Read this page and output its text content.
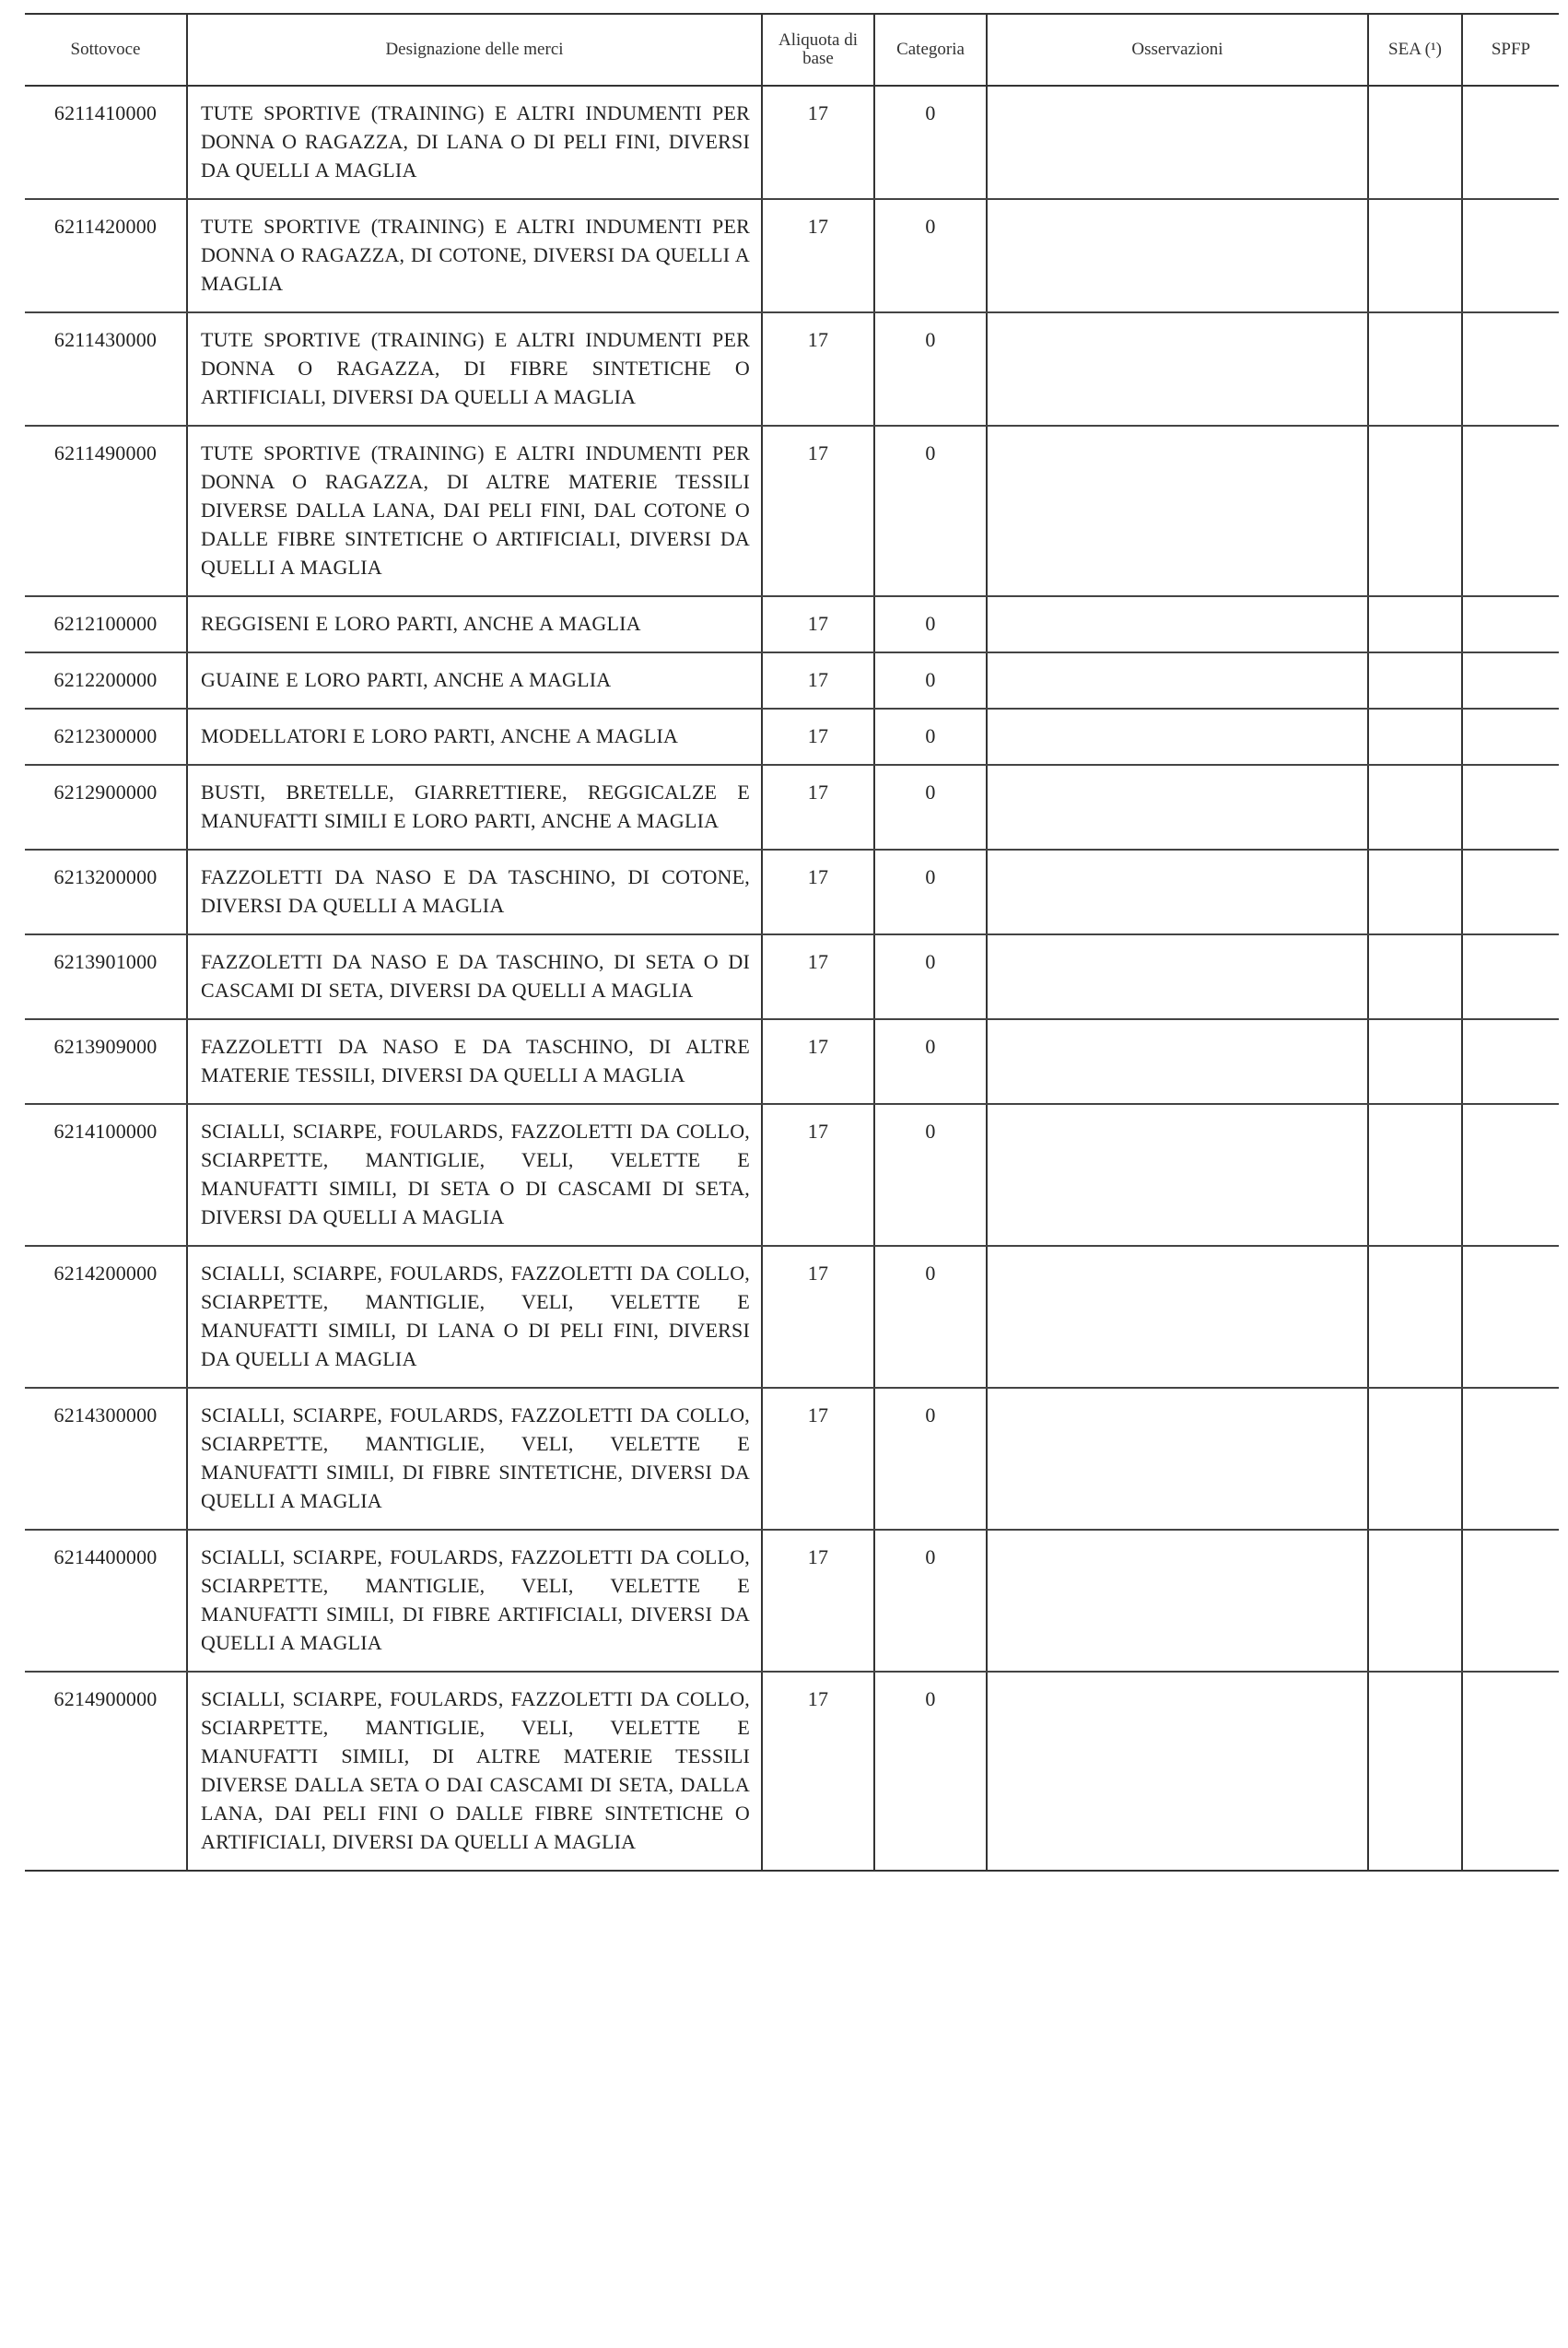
Sottovoce	Designazione delle merci	Aliquota di base	Categoria	Osservazioni	SEA (¹)	SPFP
6211410000	TUTE SPORTIVE (TRAINING) E ALTRI INDUMENTI PER DONNA O RAGAZZA, DI LANA O DI PELI FINI, DIVERSI DA QUELLI A MAGLIA	17	0			
6211420000	TUTE SPORTIVE (TRAINING) E ALTRI INDUMENTI PER DONNA O RAGAZZA, DI COTONE, DIVERSI DA QUELLI A MAGLIA	17	0			
6211430000	TUTE SPORTIVE (TRAINING) E ALTRI INDUMENTI PER DONNA O RAGAZZA, DI FIBRE SINTETICHE O ARTIFICIALI, DIVERSI DA QUELLI A MAGLIA	17	0			
6211490000	TUTE SPORTIVE (TRAINING) E ALTRI INDUMENTI PER DONNA O RAGAZZA, DI ALTRE MATERIE TESSILI DIVERSE DALLA LANA, DAI PELI FINI, DAL COTONE O DALLE FIBRE SINTETICHE O ARTIFICIALI, DIVERSI DA QUELLI A MAGLIA	17	0			
6212100000	REGGISENI E LORO PARTI, ANCHE A MAGLIA	17	0			
6212200000	GUAINE E LORO PARTI, ANCHE A MAGLIA	17	0			
6212300000	MODELLATORI E LORO PARTI, ANCHE A MAGLIA	17	0			
6212900000	BUSTI, BRETELLE, GIARRETTIERE, REGGICALZE E MANUFATTI SIMILI E LORO PARTI, ANCHE A MAGLIA	17	0			
6213200000	FAZZOLETTI DA NASO E DA TASCHINO, DI COTONE, DIVERSI DA QUELLI A MAGLIA	17	0			
6213901000	FAZZOLETTI DA NASO E DA TASCHINO, DI SETA O DI CASCAMI DI SETA, DIVERSI DA QUELLI A MAGLIA	17	0			
6213909000	FAZZOLETTI DA NASO E DA TASCHINO, DI ALTRE MATERIE TESSILI, DIVERSI DA QUELLI A MAGLIA	17	0			
6214100000	SCIALLI, SCIARPE, FOULARDS, FAZZOLETTI DA COLLO, SCIARPETTE, MANTIGLIE, VELI, VELETTE E MANUFATTI SIMILI, DI SETA O DI CASCAMI DI SETA, DIVERSI DA QUELLI A MAGLIA	17	0			
6214200000	SCIALLI, SCIARPE, FOULARDS, FAZZOLETTI DA COLLO, SCIARPETTE, MANTIGLIE, VELI, VELETTE E MANUFATTI SIMILI, DI LANA O DI PELI FINI, DIVERSI DA QUELLI A MAGLIA	17	0			
6214300000	SCIALLI, SCIARPE, FOULARDS, FAZZOLETTI DA COLLO, SCIARPETTE, MANTIGLIE, VELI, VELETTE E MANUFATTI SIMILI, DI FIBRE SINTETICHE, DIVERSI DA QUELLI A MAGLIA	17	0			
6214400000	SCIALLI, SCIARPE, FOULARDS, FAZZOLETTI DA COLLO, SCIARPETTE, MANTIGLIE, VELI, VELETTE E MANUFATTI SIMILI, DI FIBRE ARTIFICIALI, DIVERSI DA QUELLI A MAGLIA	17	0			
6214900000	SCIALLI, SCIARPE, FOULARDS, FAZZOLETTI DA COLLO, SCIARPETTE, MANTIGLIE, VELI, VELETTE E MANUFATTI SIMILI, DI ALTRE MATERIE TESSILI DIVERSE DALLA SETA O DAI CASCAMI DI SETA, DALLA LANA, DAI PELI FINI O DALLE FIBRE SINTETICHE O ARTIFICIALI, DIVERSI DA QUELLI A MAGLIA	17	0			
